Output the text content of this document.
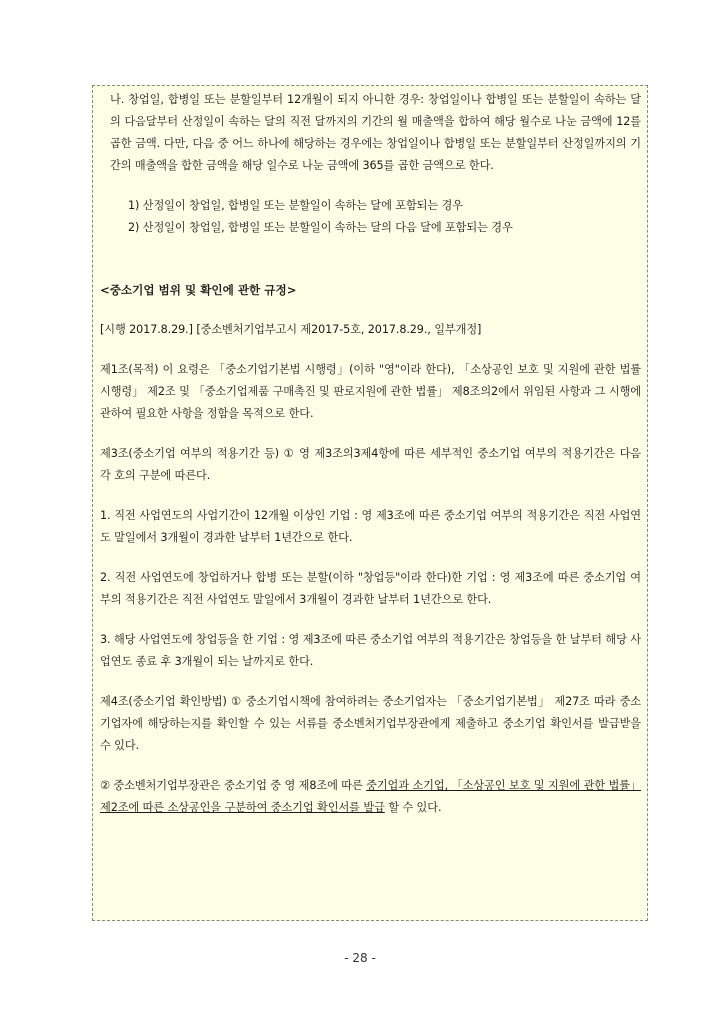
나. 창업일, 합병일 또는 분할일부터 12개월이 되지 아니한 경우: 창업일이나 합병일 또는 분할일이 속하는 달의 다음달부터 산정일이 속하는 달의 직전 달까지의 기간의 월 매출액을 합하여 해당 월수로 나눈 금액에 12를 곱한 금액. 다만, 다음 중 어느 하나에 해당하는 경우에는 창업일이나 합병일 또는 분할일부터 산정일까지의 기간의 매출액을 합한 금액을 해당 일수로 나눈 금액에 365를 곱한 금액으로 한다.

1) 산정일이 창업일, 합병일 또는 분할일이 속하는 달에 포함되는 경우

2) 산정일이 창업일, 합병일 또는 분할일이 속하는 달의 다음 달에 포함되는 경우

<중소기업 범위 및 확인에 관한 규정>

[시행 2017.8.29.] [중소벤처기업부고시 제2017-5호, 2017.8.29., 일부개정]

제1조(목적) 이 요령은 「중소기업기본법 시행령」(이하 "영"이라 한다), 「소상공인 보호 및 지원에 관한 법률 시행령」 제2조 및 「중소기업제품 구매촉진 및 판로지원에 관한 법률」 제8조의2에서 위임된 사항과 그 시행에 관하여 필요한 사항을 정함을 목적으로 한다.

제3조(중소기업 여부의 적용기간 등) ① 영 제3조의3제4항에 따른 세부적인 중소기업 여부의 적용기간은 다음 각 호의 구분에 따른다.

1. 직전 사업연도의 사업기간이 12개월 이상인 기업 : 영 제3조에 따른 중소기업 여부의 적용기간은 직전 사업연도 말일에서 3개월이 경과한 날부터 1년간으로 한다.

2. 직전 사업연도에 창업하거나 합병 또는 분할(이하 "창업등"이라 한다)한 기업 : 영 제3조에 따른 중소기업 여부의 적용기간은 직전 사업연도 말일에서 3개월이 경과한 날부터 1년간으로 한다.

3. 해당 사업연도에 창업등을 한 기업 : 영 제3조에 따른 중소기업 여부의 적용기간은 창업등을 한 날부터 해당 사업연도 종료 후 3개월이 되는 날까지로 한다.

제4조(중소기업 확인방법) ① 중소기업시책에 참여하려는 중소기업자는 「중소기업기본법」 제27조 따라 중소기업자에 해당하는지를 확인할 수 있는 서류를 중소벤처기업부장관에게 제출하고 중소기업 확인서를 발급받을 수 있다.

② 중소벤처기업부장관은 중소기업 중 영 제8조에 따른 중기업과 소기업, 「소상공인 보호 및 지원에 관한 법률」 제2조에 따른 소상공인을 구분하여 중소기업 확인서를 발급 할 수 있다.

- 28 -
